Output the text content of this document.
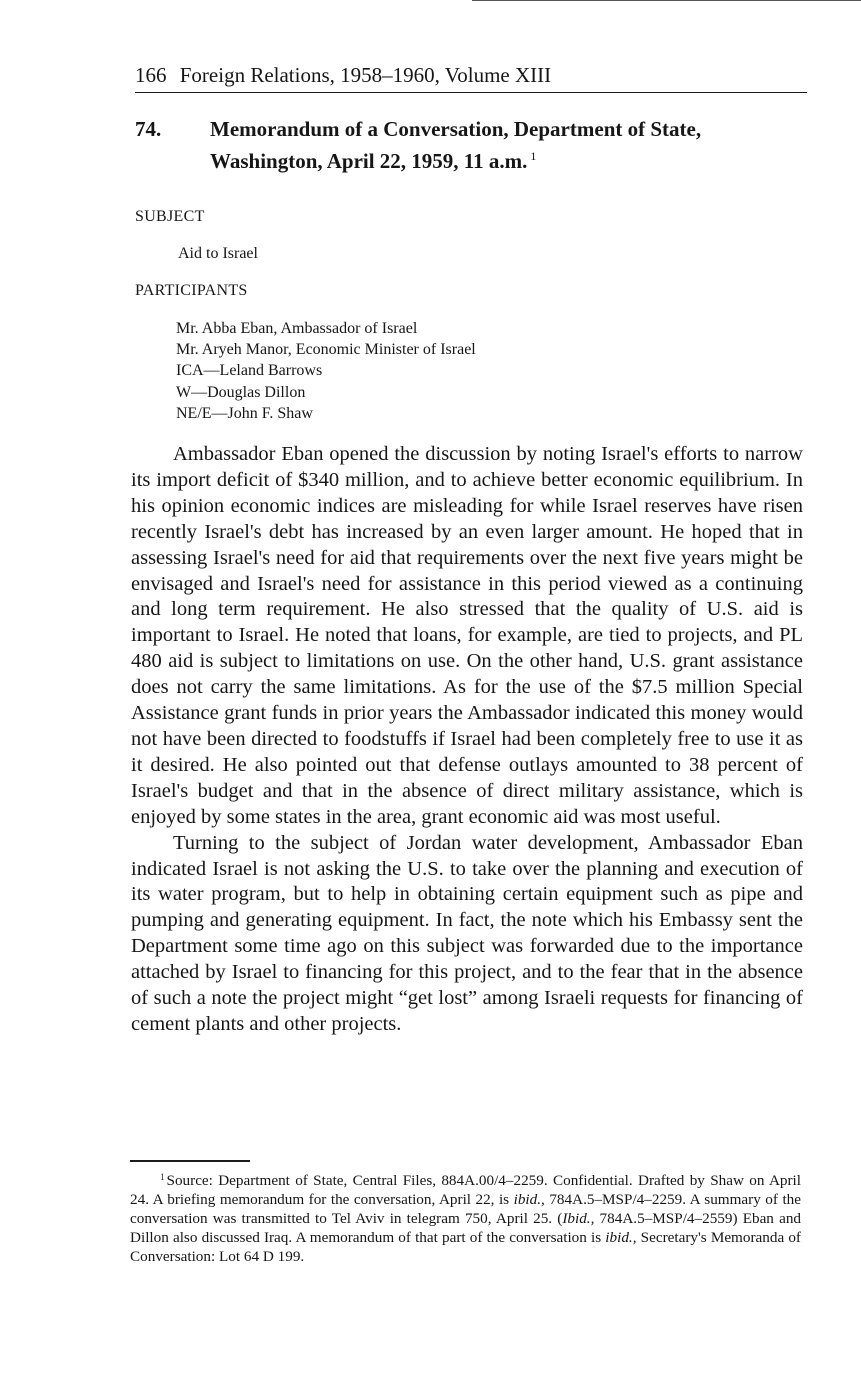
166 Foreign Relations, 1958–1960, Volume XIII
74. Memorandum of a Conversation, Department of State,
Washington, April 22, 1959, 11 a.m. $^1$
SUBJECT
Aid to Israel
PARTICIPANTS
Mr. Abba Eban, Ambassador of Israel
Mr. Aryeh Manor, Economic Minister of Israel
ICA—Leland Barrows
W—Douglas Dillon
NE/E—John F. Shaw

Ambassador Eban opened the discussion by noting Israel's efforts to narrow its import deficit of $340 million, and to achieve better economic equilibrium. In his opinion economic indices are misleading for while Israel reserves have risen recently Israel's debt has increased by an even larger amount. He hoped that in assessing Israel's need for aid that requirements over the next five years might be envisaged and Israel's need for assistance in this period viewed as a continuing and long term requirement. He also stressed that the quality of U.S. aid is important to Israel. He noted that loans, for example, are tied to projects, and PL 480 aid is subject to limitations on use. On the other hand, U.S. grant assistance does not carry the same limitations. As for the use of the $7.5 million Special Assistance grant funds in prior years the Ambassador indicated this money would not have been directed to foodstuffs if Israel had been completely free to use it as it desired. He also pointed out that defense outlays amounted to 38 percent of Israel's budget and that in the absence of direct military assistance, which is enjoyed by some states in the area, grant economic aid was most useful.

Turning to the subject of Jordan water development, Ambassador Eban indicated Israel is not asking the U.S. to take over the planning and execution of its water program, but to help in obtaining certain equipment such as pipe and pumping and generating equipment. In fact, the note which his Embassy sent the Department some time ago on this subject was forwarded due to the importance attached by Israel to financing for this project, and to the fear that in the absence of such a note the project might “get lost” among Israeli requests for financing of cement plants and other projects.

$^1$ Source: Department of State, Central Files, 884A.00/4–2259. Confidential. Drafted by Shaw on April 24. A briefing memorandum for the conversation, April 22, is ibid., 784A.5–MSP/4–2259. A summary of the conversation was transmitted to Tel Aviv in telegram 750, April 25. (Ibid., 784A.5–MSP/4–2559) Eban and Dillon also discussed Iraq. A memorandum of that part of the conversation is ibid., Secretary's Memoranda of Conversation: Lot 64 D 199.
